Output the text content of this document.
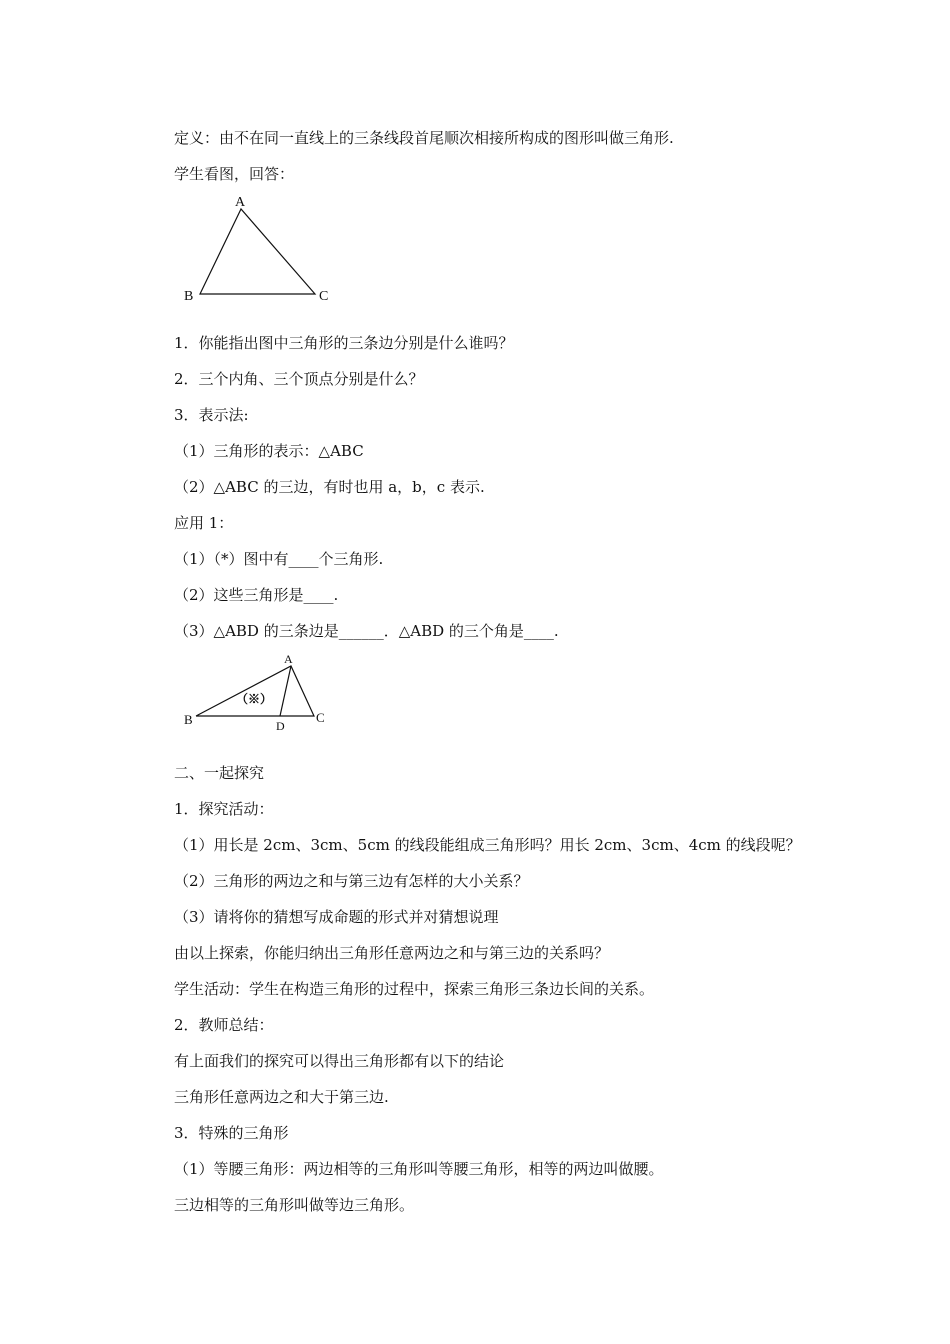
定义：由不在同一直线上的三条线段首尾顺次相接所构成的图形叫做三角形.
学生看图，回答：
A
B	C
1．你能指出图中三角形的三条边分别是什么谁吗？
2．三个内角、三个顶点分别是什么？
3．表示法:
（1）三角形的表示：△ABC
（2）△ABC 的三边，有时也用 a，b，c 表示.
应用 1：
（1）（*）图中有____个三角形.
（2）这些三角形是____.
（3）△ABD 的三条边是______．△ABD 的三个角是____.
A
B	C
D
（※）
二、一起探究
1．探究活动：
（1）用长是 2cm、3cm、5cm 的线段能组成三角形吗？用长 2cm、3cm、4cm 的线段呢？
（2）三角形的两边之和与第三边有怎样的大小关系？
（3）请将你的猜想写成命题的形式并对猜想说理
由以上探索，你能归纳出三角形任意两边之和与第三边的关系吗？
学生活动：学生在构造三角形的过程中，探索三角形三条边长间的关系。
2．教师总结：
有上面我们的探究可以得出三角形都有以下的结论
三角形任意两边之和大于第三边.
3．特殊的三角形
（1）等腰三角形：两边相等的三角形叫等腰三角形，相等的两边叫做腰。
三边相等的三角形叫做等边三角形。
